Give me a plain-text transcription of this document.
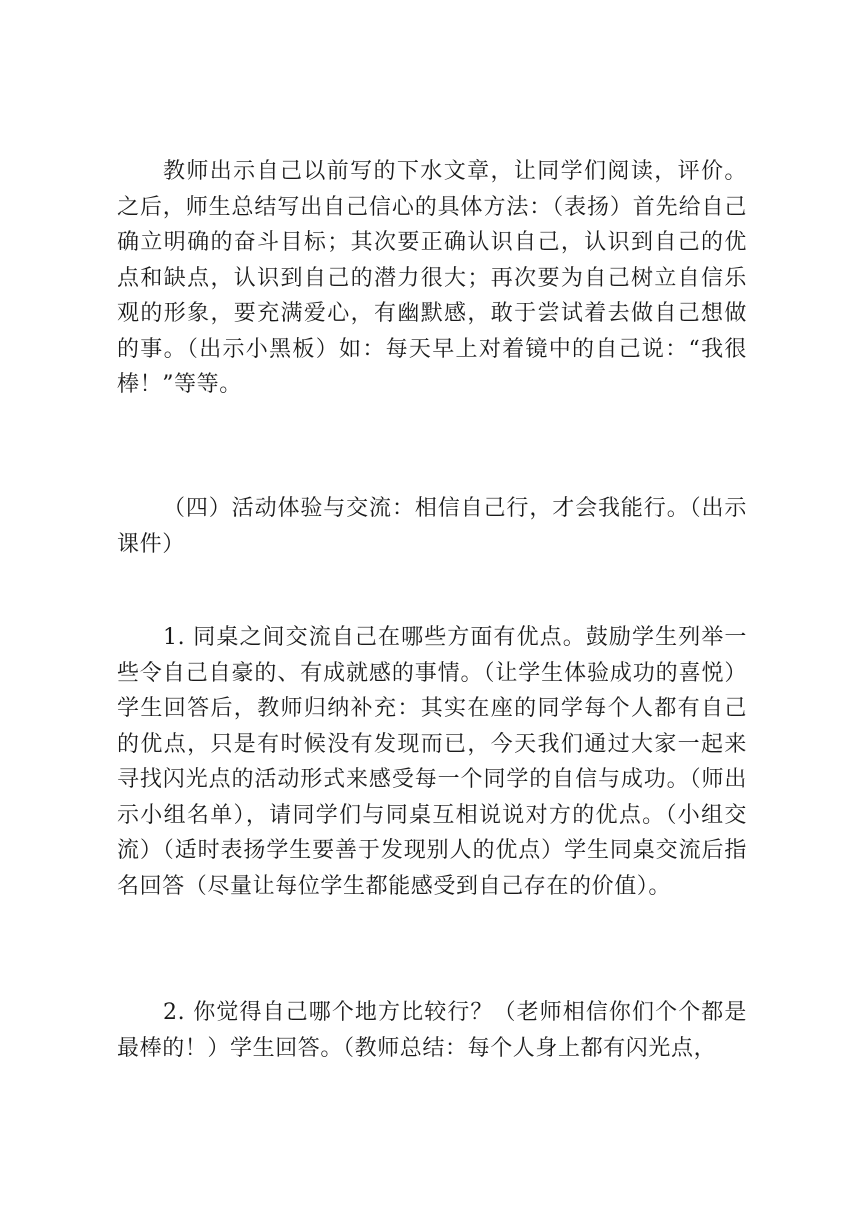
教师出示自己以前写的下水文章，让同学们阅读，评价。之后，师生总结写出自己信心的具体方法：（表扬）首先给自己确立明确的奋斗目标；其次要正确认识自己，认识到自己的优点和缺点，认识到自己的潜力很大；再次要为自己树立自信乐观的形象，要充满爱心，有幽默感，敢于尝试着去做自己想做的事。（出示小黑板）如：每天早上对着镜中的自己说：“我很棒！”等等。

（四）活动体验与交流：相信自己行，才会我能行。（出示课件）

1. 同桌之间交流自己在哪些方面有优点。鼓励学生列举一些令自己自豪的、有成就感的事情。（让学生体验成功的喜悦）学生回答后，教师归纳补充：其实在座的同学每个人都有自己的优点，只是有时候没有发现而已，今天我们通过大家一起来寻找闪光点的活动形式来感受每一个同学的自信与成功。（师出示小组名单），请同学们与同桌互相说说对方的优点。（小组交流）（适时表扬学生要善于发现别人的优点）学生同桌交流后指名回答（尽量让每位学生都能感受到自己存在的价值）。

2. 你觉得自己哪个地方比较行？（老师相信你们个个都是最棒的！）学生回答。（教师总结：每个人身上都有闪光点，
